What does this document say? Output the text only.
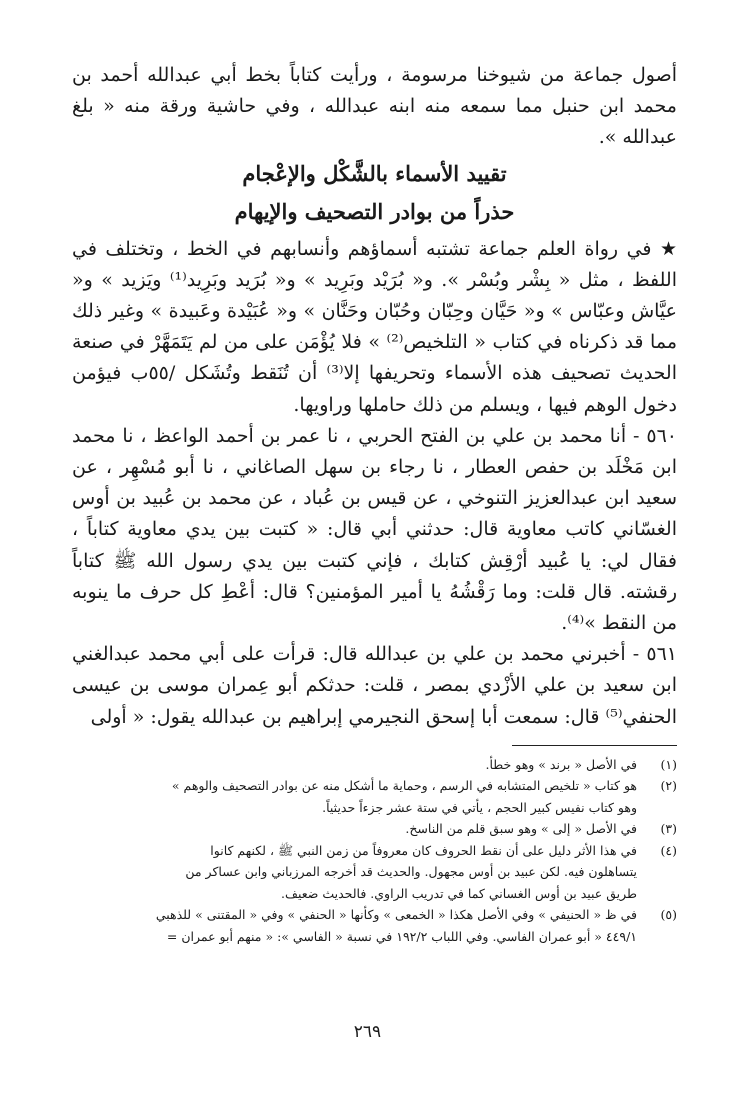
أصول جماعة من شيوخنا مرسومة ، ورأيت كتاباً بخط أبي عبدالله أحمد بن محمد ابن حنبل مما سمعه منه ابنه عبدالله ، وفي حاشية ورقة منه « بلغ عبدالله ».

تقييد الأسماء بالشَّكْل والإعْجام
حذراً من بوادر التصحيف والإيهام

★ في رواة العلم جماعة تشتبه أسماؤهم وأنسابهم في الخط ، وتختلف في اللفظ ، مثل « بِشْر وبُسْر ». و« بُرَيْد وبَرِيد » و« بُرَيد وبَرِيد⁽¹⁾ ويَزيد » و« عيَّاش وعبّاس » و« حَيَّان وحِبّان وحُبّان وحَنَّان » و« عُبَيْدة وعَبيدة » وغير ذلك مما قد ذكرناه في كتاب « التلخيص⁽²⁾ » فلا يُؤْمَن على من لم يَتَمَهَّرْ في صنعة الحديث تصحيف هذه الأسماء وتحريفها إلا⁽³⁾ أن تُنَقط وتُشَكل ‎/٥٥ب‎ فيؤمن دخول الوهم فيها ، ويسلم من ذلك حاملها وراويها.

٥٦٠ - أنا محمد بن علي بن الفتح الحربي ، نا عمر بن أحمد الواعظ ، نا محمد ابن مَخْلَد بن حفص العطار ، نا رجاء بن سهل الصاغاني ، نا أبو مُسْهِر ، عن سعيد ابن عبدالعزيز التنوخي ، عن قيس بن عُباد ، عن محمد بن عُبيد بن أوس الغسّاني كاتب معاوية قال: حدثني أبي قال: « كتبت بين يدي معاوية كتاباً ، فقال لي: يا عُبيد أرْقِش كتابك ، فإني كتبت بين يدي رسول الله ﷺ كتاباً رقشته. قال قلت: وما رَقْشُهُ يا أمير المؤمنين؟ قال: أعْطِ كل حرف ما ينوبه من النقط »⁽⁴⁾.

٥٦١ - أخبرني محمد بن علي بن عبدالله قال: قرأت على أبي محمد عبدالغني ابن سعيد بن علي الأزْدي بمصر ، قلت: حدثكم أبو عِمران موسى بن عيسى الحنفي⁽⁵⁾ قال: سمعت أبا إسحق النجيرمي إبراهيم بن عبدالله يقول: « أولى

(١)
في الأصل « برند » وهو خطأ.
(٢)
هو كتاب « تلخيص المتشابه في الرسم ، وحماية ما أشكل منه عن بوادر التصحيف والوهم »
وهو كتاب نفيس كبير الحجم ، يأتي في ستة عشر جزءاً حديثياً.
(٣)
في الأصل « إلى » وهو سبق قلم من الناسخ.
(٤)
في هذا الأثر دليل على أن نقط الحروف كان معروفاً من زمن النبي ﷺ ، لكنهم كانوا
يتساهلون فيه. لكن عبيد بن أوس مجهول. والحديث قد أخرجه المرزباني وابن عساكر من
طريق عبيد بن أوس الغساني كما في تدريب الراوي. فالحديث ضعيف.
(٥)
في ظ « الحنيفي » وفي الأصل هكذا « الخمعى » وكأنها « الحنفي » وفي « المقتنى » للذهبي
٤٤٩/١ « أبو عمران الفاسي. وفي اللباب ١٩٢/٢ في نسبة « الفاسي »: « منهم أبو عمران =
٢٦٩
